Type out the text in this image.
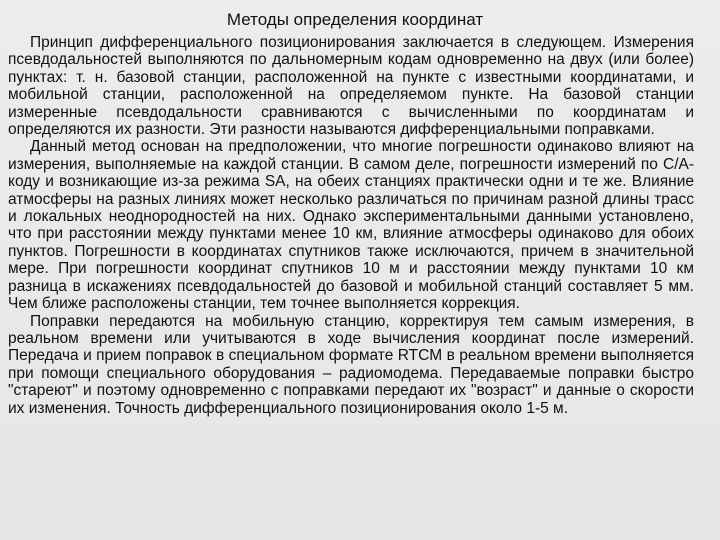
Методы определения координат

Принцип дифференциального позиционирования заключается в следующем. Измерения псевдодальностей выполняются по дальномерным кодам одновременно на двух (или более) пунктах: т. н. базовой станции, расположенной на пункте с известными координатами, и мобильной станции, расположенной на определяемом пункте. На базовой станции измеренные псевдодальности сравниваются с вычисленными по координатам и определяются их разности. Эти разности называются дифференциальными поправками.

Данный метод основан на предположении, что многие погрешности одинаково влияют на измерения, выполняемые на каждой станции. В самом деле, погрешности измерений по С/А-коду и возникающие из-за режима SA, на обеих станциях практически одни и те же. Влияние атмосферы на разных линиях может несколько различаться по причинам разной длины трасс и локальных неоднородностей на них. Однако экспериментальными данными установлено, что при расстоянии между пунктами менее 10 км, влияние атмосферы одинаково для обоих пунктов. Погрешности в координатах спутников также исключаются, причем в значительной мере. При погрешности координат спутников 10 м и расстоянии между пунктами 10 км разница в искажениях псевдодальностей до базовой и мобильной станций составляет 5 мм. Чем ближе расположены станции, тем точнее выполняется коррекция.

Поправки передаются на мобильную станцию, корректируя тем самым измерения, в реальном времени или учитываются в ходе вычисления координат после измерений. Передача и прием поправок в специальном формате RTCM в реальном времени выполняется при помощи специального оборудования – радиомодема. Передаваемые поправки быстро "стареют" и поэтому одновременно с поправками передают их "возраст" и данные о скорости их изменения. Точность дифференциального позиционирования около 1-5 м.
